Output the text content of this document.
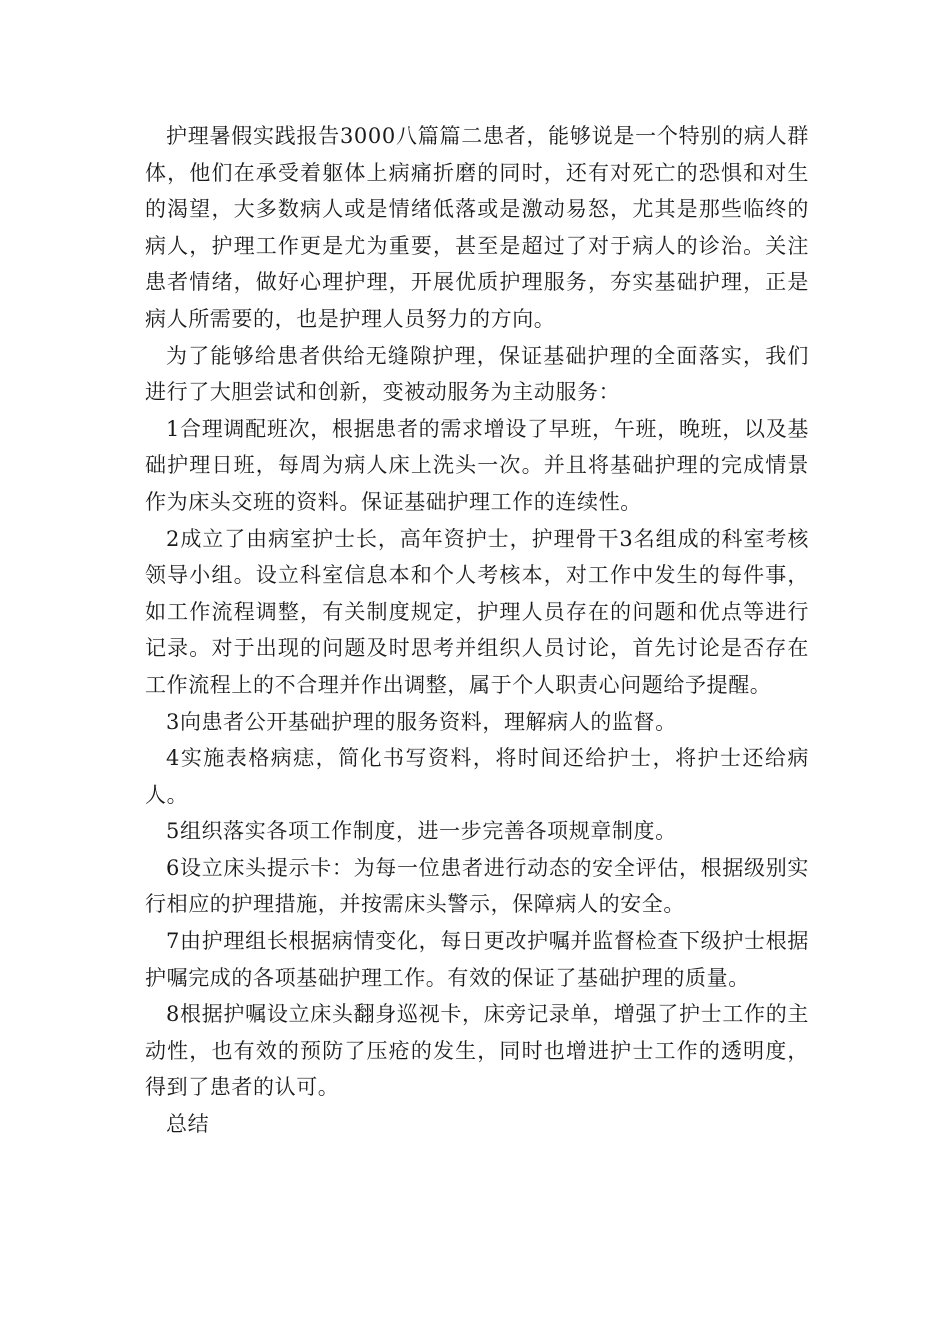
护理暑假实践报告3000八篇篇二患者，能够说是一个特别的病人群体，他们在承受着躯体上病痛折磨的同时，还有对死亡的恐惧和对生的渴望，大多数病人或是情绪低落或是激动易怒，尤其是那些临终的病人，护理工作更是尤为重要，甚至是超过了对于病人的诊治。关注患者情绪，做好心理护理，开展优质护理服务，夯实基础护理，正是病人所需要的，也是护理人员努力的方向。

为了能够给患者供给无缝隙护理，保证基础护理的全面落实，我们进行了大胆尝试和创新，变被动服务为主动服务：

1合理调配班次，根据患者的需求增设了早班，午班，晚班，以及基础护理日班，每周为病人床上洗头一次。并且将基础护理的完成情景作为床头交班的资料。保证基础护理工作的连续性。

2成立了由病室护士长，高年资护士，护理骨干3名组成的科室考核领导小组。设立科室信息本和个人考核本，对工作中发生的每件事，如工作流程调整，有关制度规定，护理人员存在的问题和优点等进行记录。对于出现的问题及时思考并组织人员讨论，首先讨论是否存在工作流程上的不合理并作出调整，属于个人职责心问题给予提醒。

3向患者公开基础护理的服务资料，理解病人的监督。

4实施表格病痣，简化书写资料，将时间还给护士，将护士还给病人。

5组织落实各项工作制度，进一步完善各项规章制度。

6设立床头提示卡：为每一位患者进行动态的安全评估，根据级别实行相应的护理措施，并按需床头警示，保障病人的安全。

7由护理组长根据病情变化，每日更改护嘱并监督检查下级护士根据护嘱完成的各项基础护理工作。有效的保证了基础护理的质量。

8根据护嘱设立床头翻身巡视卡，床旁记录单，增强了护士工作的主动性，也有效的预防了压疮的发生，同时也增进护士工作的透明度，得到了患者的认可。

总结
